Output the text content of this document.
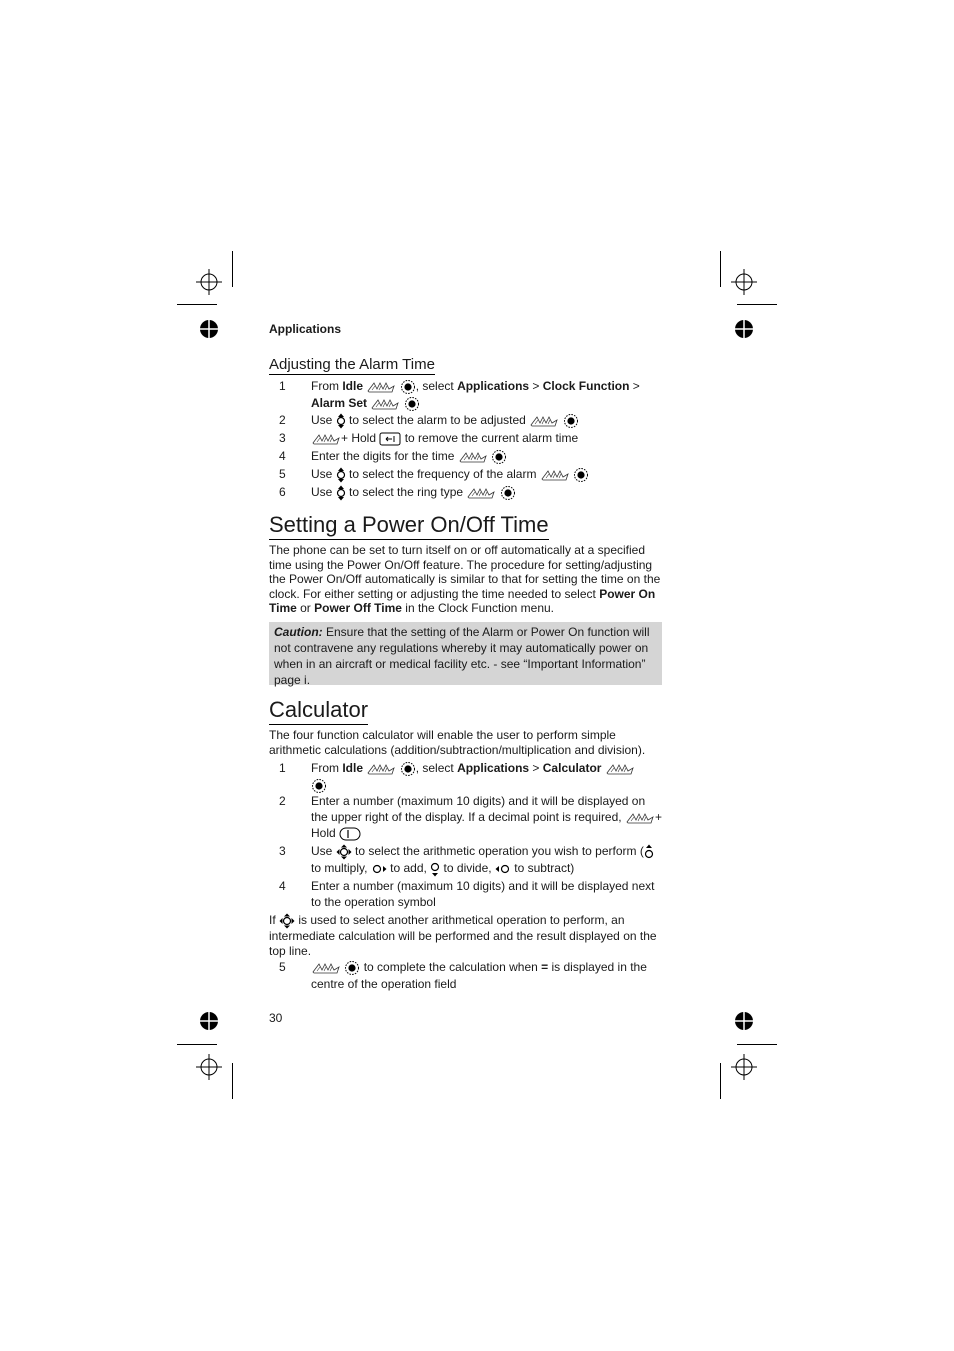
Applications
Adjusting the Alarm Time
1 From Idle	, select Applications > Clock Function >
Alarm Set
2 Use to select the alarm to be adjusted
3	+ Hold to remove the current alarm time
4 Enter the digits for the time
5 Use to select the frequency of the alarm
6 Use to select the ring type
Setting a Power On/Off Time
The phone can be set to turn itself on or off automatically at a specified time using the Power On/Off feature. The procedure for setting/adjusting the Power On/Off automatically is similar to that for setting the time on the clock. For either setting or adjusting the time needed to select Power On Time or Power Off Time in the Clock Function menu.
Caution: Ensure that the setting of the Alarm or Power On function will not contravene any regulations whereby it may automatically power on when in an aircraft or medical facility etc. - see “Important Information” page i.
Calculator
The four function calculator will enable the user to perform simple arithmetic calculations (addition/subtraction/multiplication and division).
1 From Idle	, select Applications > Calculator

2 Enter a number (maximum 10 digits) and it will be displayed on the upper right of the display. If a decimal point is required,	+ Hold
3 Use to select the arithmetic operation you wish to perform ( to multiply, to add, to divide, to subtract)
4 Enter a number (maximum 10 digits) and it will be displayed next to the operation symbol
If is used to select another arithmetical operation to perform, an intermediate calculation will be performed and the result displayed on the top line.
5	to complete the calculation when = is displayed in the centre of the operation field
30
